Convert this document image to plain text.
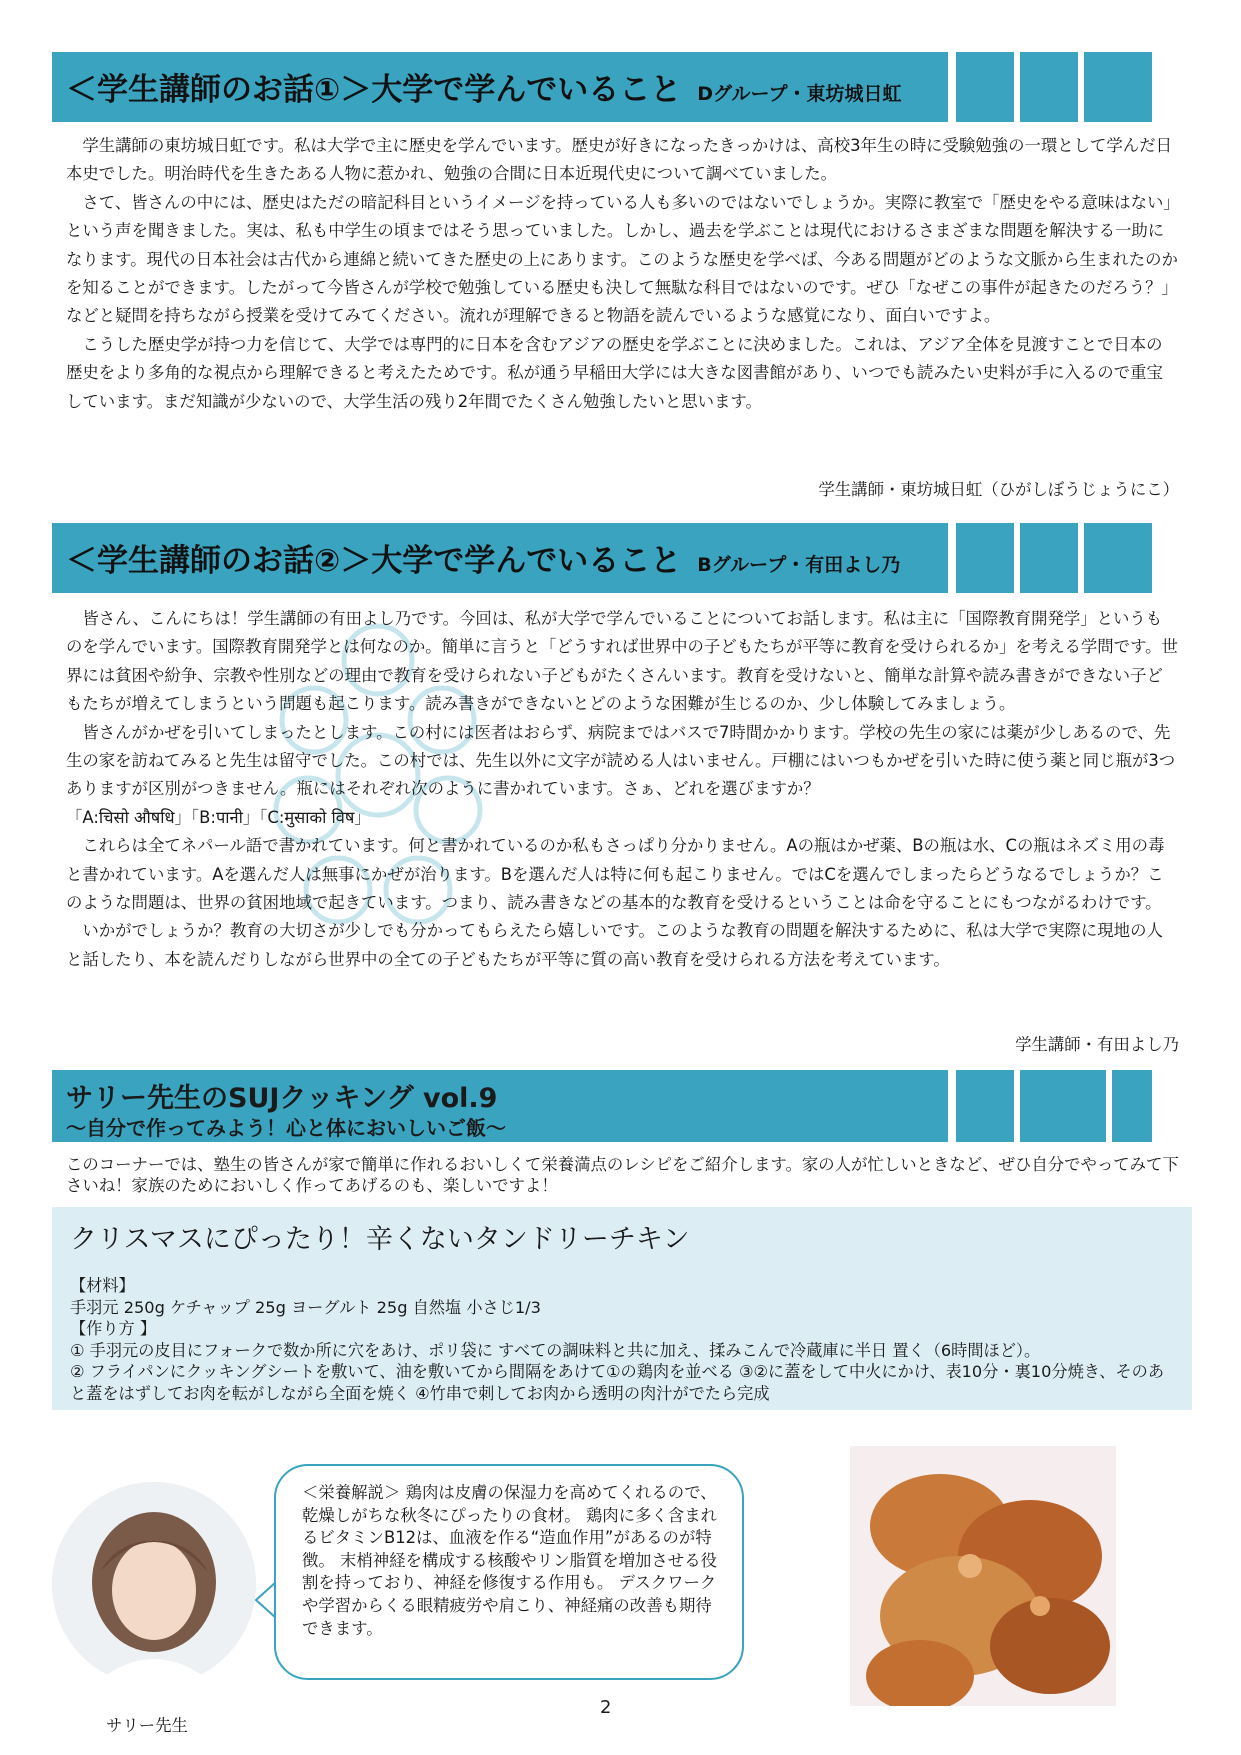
＜学生講師のお話①＞大学で学んでいること Dグループ・東坊城日虹

学生講師の東坊城日虹です。私は大学で主に歴史を学んでいます。歴史が好きになったきっかけは、高校3年生の時に受験勉強の一環として学んだ日本史でした。明治時代を生きたある人物に惹かれ、勉強の合間に日本近現代史について調べていました。

さて、皆さんの中には、歴史はただの暗記科目というイメージを持っている人も多いのではないでしょうか。実際に教室で「歴史をやる意味はない」という声を聞きました。実は、私も中学生の頃まではそう思っていました。しかし、過去を学ぶことは現代におけるさまざまな問題を解決する一助になります。現代の日本社会は古代から連綿と続いてきた歴史の上にあります。このような歴史を学べば、今ある問題がどのような文脈から生まれたのかを知ることができます。したがって今皆さんが学校で勉強している歴史も決して無駄な科目ではないのです。ぜひ「なぜこの事件が起きたのだろう？」などと疑問を持ちながら授業を受けてみてください。流れが理解できると物語を読んでいるような感覚になり、面白いですよ。

こうした歴史学が持つ力を信じて、大学では専門的に日本を含むアジアの歴史を学ぶことに決めました。これは、アジア全体を見渡すことで日本の歴史をより多角的な視点から理解できると考えたためです。私が通う早稲田大学には大きな図書館があり、いつでも読みたい史料が手に入るので重宝しています。まだ知識が少ないので、大学生活の残り2年間でたくさん勉強したいと思います。

学生講師・東坊城日虹（ひがしぼうじょうにこ）
＜学生講師のお話②＞大学で学んでいること Bグループ・有田よし乃

皆さん、こんにちは！学生講師の有田よし乃です。今回は、私が大学で学んでいることについてお話します。私は主に「国際教育開発学」というものを学んでいます。国際教育開発学とは何なのか。簡単に言うと「どうすれば世界中の子どもたちが平等に教育を受けられるか」を考える学問です。世界には貧困や紛争、宗教や性別などの理由で教育を受けられない子どもがたくさんいます。教育を受けないと、簡単な計算や読み書きができない子どもたちが増えてしまうという問題も起こります。読み書きができないとどのような困難が生じるのか、少し体験してみましょう。

皆さんがかぜを引いてしまったとします。この村には医者はおらず、病院まではバスで7時間かかります。学校の先生の家には薬が少しあるので、先生の家を訪ねてみると先生は留守でした。この村では、先生以外に文字が読める人はいません。戸棚にはいつもかぜを引いた時に使う薬と同じ瓶が3つありますが区別がつきません。瓶にはそれぞれ次のように書かれています。さぁ、どれを選びますか？

「A:चिसो औषधि」「B:पानी」「C:मुसाको विष」

これらは全てネパール語で書かれています。何と書かれているのか私もさっぱり分かりません。Aの瓶はかぜ薬、Bの瓶は水、Cの瓶はネズミ用の毒と書かれています。Aを選んだ人は無事にかぜが治ります。Bを選んだ人は特に何も起こりません。ではCを選んでしまったらどうなるでしょうか？このような問題は、世界の貧困地域で起きています。つまり、読み書きなどの基本的な教育を受けるということは命を守ることにもつながるわけです。

いかがでしょうか？教育の大切さが少しでも分かってもらえたら嬉しいです。このような教育の問題を解決するために、私は大学で実際に現地の人と話したり、本を読んだりしながら世界中の全ての子どもたちが平等に質の高い教育を受けられる方法を考えています。

学生講師・有田よし乃
サリー先生のSUJクッキング vol.9
～自分で作ってみよう！心と体においしいご飯～
このコーナーでは、塾生の皆さんが家で簡単に作れるおいしくて栄養満点のレシピをご紹介します。家の人が忙しいときなど、ぜひ自分でやってみて下さいね！家族のためにおいしく作ってあげるのも、楽しいですよ！
クリスマスにぴったり！辛くないタンドリーチキン
【材料】
手羽元 250g ケチャップ 25g ヨーグルト 25g 自然塩 小さじ1/3
【作り方 】
① 手羽元の皮目にフォークで数か所に穴をあけ、ポリ袋に すべての調味料と共に加え、揉みこんで冷蔵庫に半日 置く（6時間ほど）。
② フライパンにクッキングシートを敷いて、油を敷いてから間隔をあけて①の鶏肉を並べる ③②に蓋をして中火にかけ、表10分・裏10分焼き、そのあと蓋をはずしてお肉を転がしながら全面を焼く ④竹串で刺してお肉から透明の肉汁がでたら完成
サリー先生
＜栄養解説＞ 鶏肉は皮膚の保湿力を高めてくれるので、乾燥しがちな秋冬にぴったりの食材。 鶏肉に多く含まれるビタミンB12は、血液を作る“造血作用”があるのが特徴。 末梢神経を構成する核酸やリン脂質を増加させる役割を持っており、神経を修復する作用も。 デスクワークや学習からくる眼精疲労や肩こり、神経痛の改善も期待できます。
2
